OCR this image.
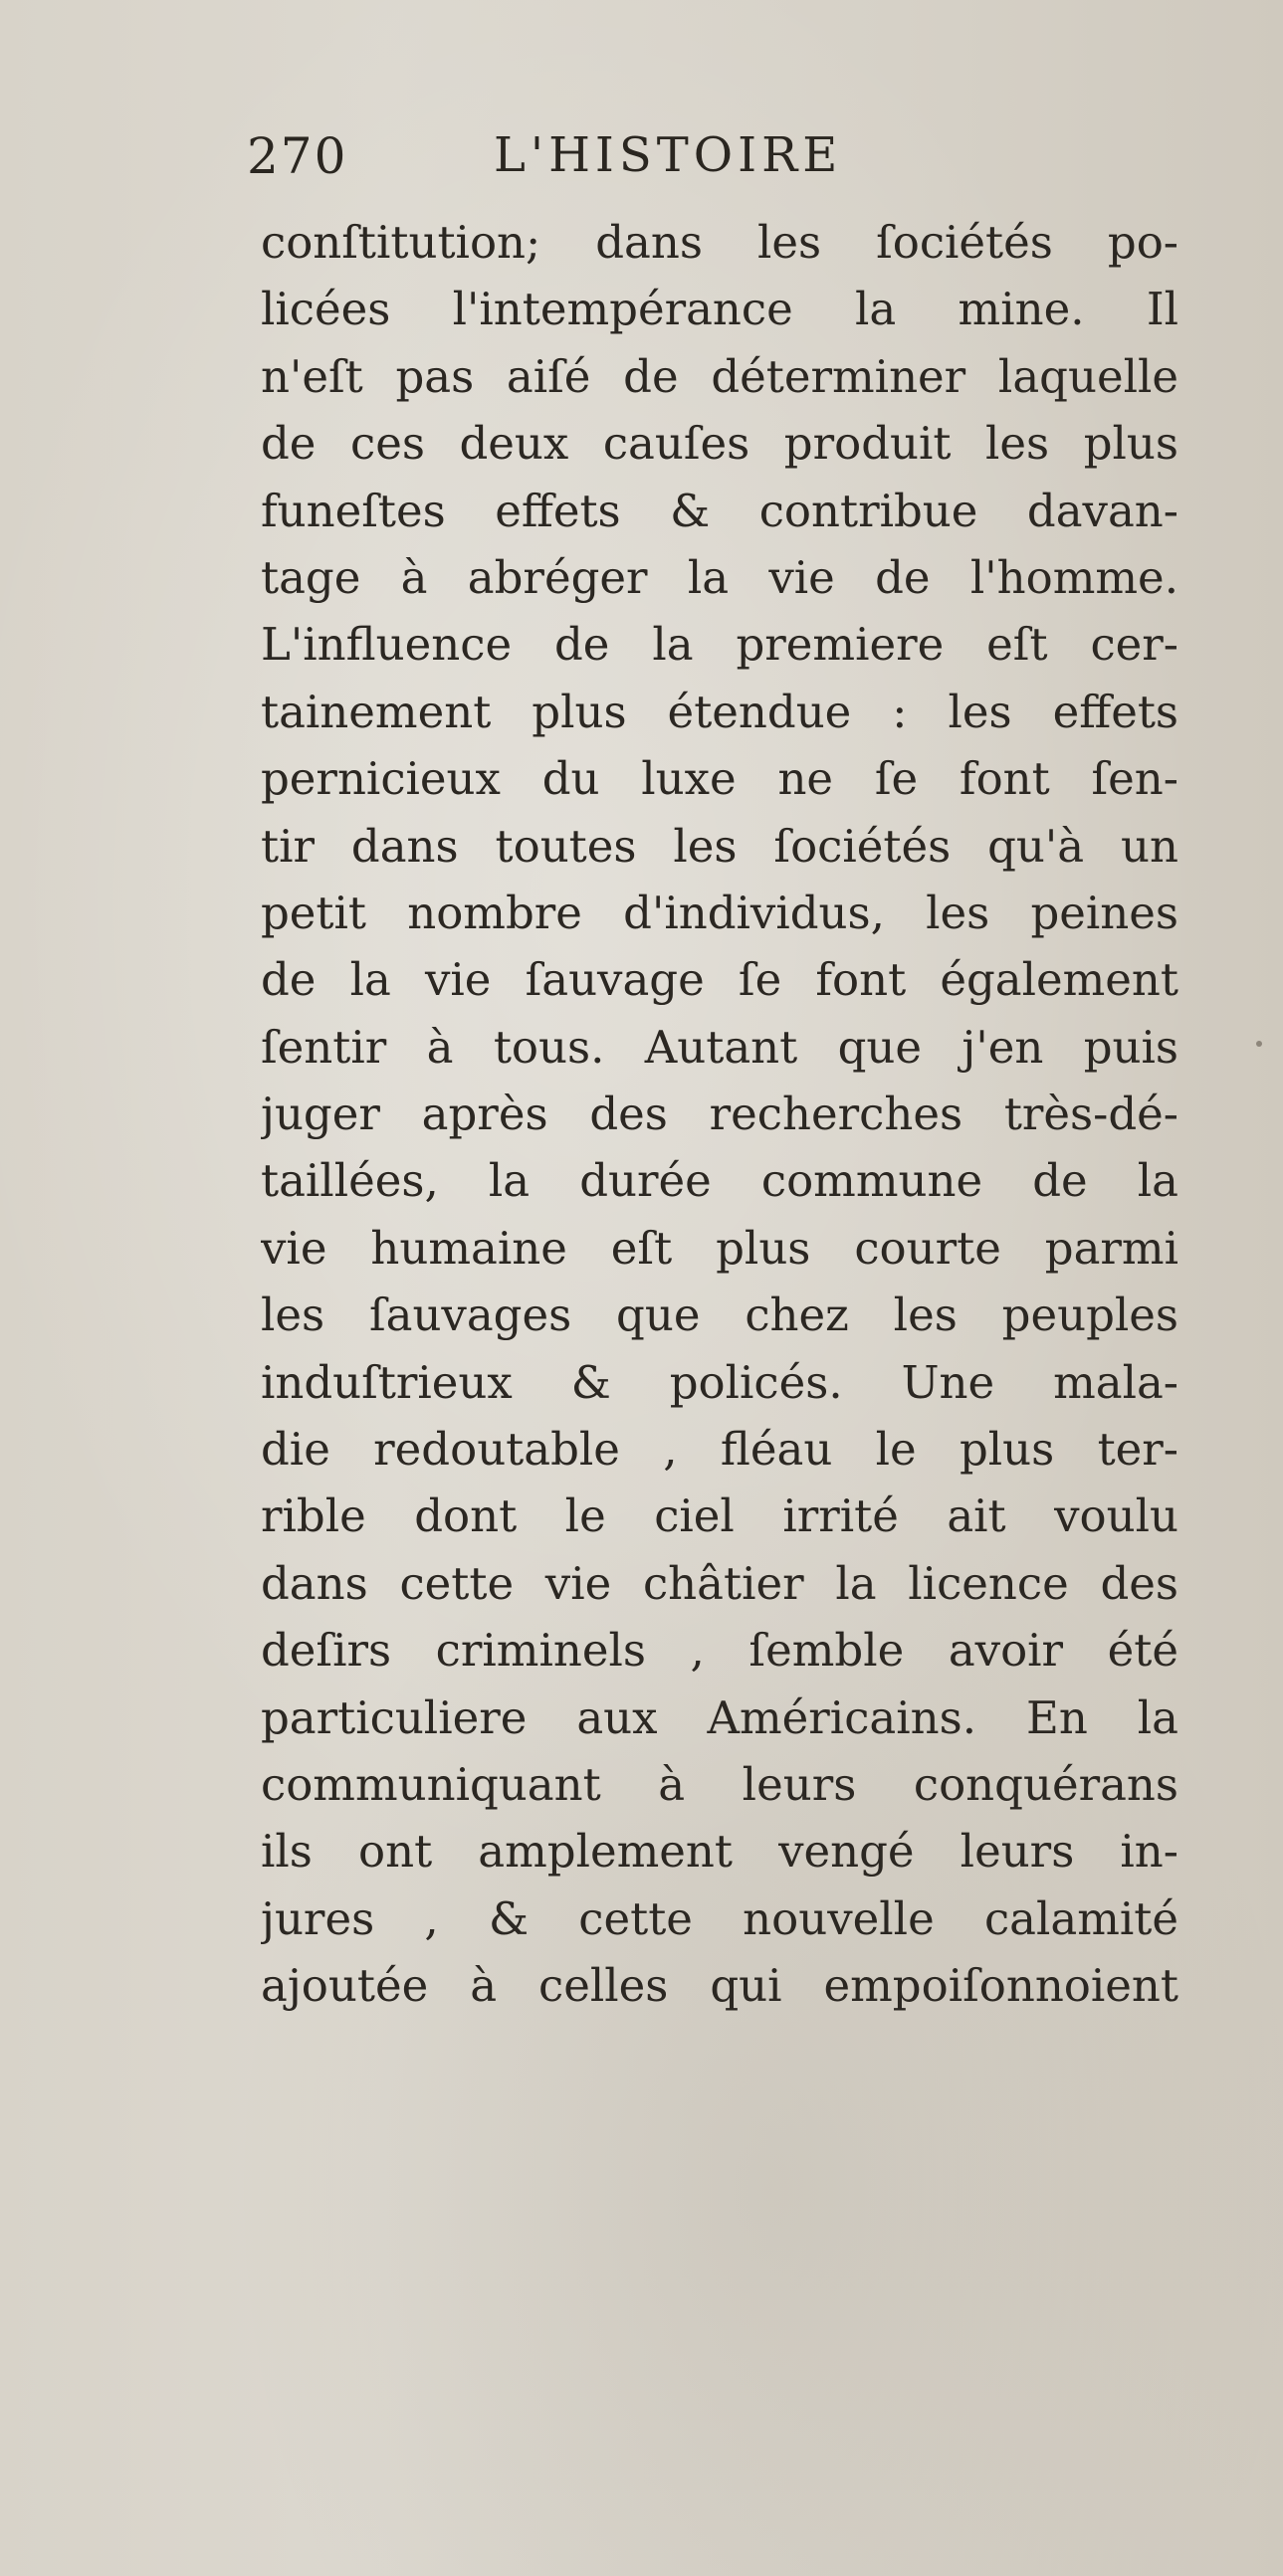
270	L'HISTOIRE
conſtitution; dans les ſociétés po-
licées l'intempérance la mine. Il
n'eſt pas aiſé de déterminer laquelle
de ces deux cauſes produit les plus
funeſtes effets & contribue davan-
tage à abréger la vie de l'homme.
L'influence de la premiere eſt cer-
tainement plus étendue : les effets
pernicieux du luxe ne ſe font ſen-
tir dans toutes les ſociétés qu'à un
petit nombre d'individus, les peines
de la vie ſauvage ſe font également
ſentir à tous. Autant que j'en puis
juger après des recherches très-dé-
taillées, la durée commune de la
vie humaine eſt plus courte parmi
les ſauvages que chez les peuples
induſtrieux & policés. Une mala-
die redoutable , fléau le plus ter-
rible dont le ciel irrité ait voulu
dans cette vie châtier la licence des
deſirs criminels , ſemble avoir été
particuliere aux Américains. En la
communiquant à leurs conquérans
ils ont amplement vengé leurs in-
jures , & cette nouvelle calamité
ajoutée à celles qui empoiſonnoient
